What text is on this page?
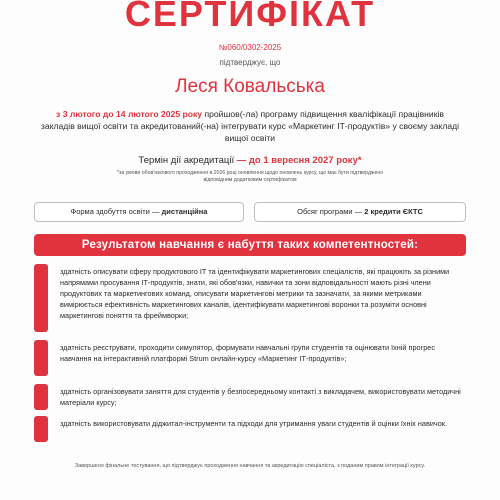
СЕРТИФІКАТ
№060/0302-2025
підтверджує, що
Леся Ковальська
з 3 лютого до 14 лютого 2025 року пройшов(-ла) програму підвищення кваліфікації працівників закладів вищої освіти та акредитований(-на) інтегрувати курс «Маркетинг ІТ-продуктів» у своєму закладі вищої освіти
Термін дії акредитації — до 1 вересня 2027 року*
*за умови обов'язкового проходження в 2026 році оновлення щодо оновлень курсу, що має бути підтверджено відповідним додатковим сертифікатом
Форма здобуття освіти — дистанційна	Обсяг програми — 2 кредити ЄКТС
Результатом навчання є набуття таких компетентностей:
здатність описувати сферу продуктового ІТ та ідентифікувати маркетингових спеціалістів, які працюють за різними напрямами просування ІТ-продуктів, знати, які обов'язки, навички та зони відповідальності мають різні члени продуктових та маркетингових команд, описувати маркетингові метрики та зазначати, за якими метриками вимірюється ефективність маркетингових каналів, ідентифікувати маркетингові воронки та розуміти основні маркетингові поняття та фреймворки;
здатність реєструвати, проходити симулятор, формувати навчальні групи студентів та оцінювати їхній прогрес навчання на інтерактивній платформі Strum онлайн-курсу «Маркетинг ІТ-продуктів»;
здатність організовувати заняття для студентів у безпосередньому контакті з викладачем, використовувати методичні матеріали курсу;
здатність використовувати діджитал-інструменти та підходи для утримання уваги студентів й оцінки їхніх навичок.
Завершено фінальне тестування, що підтверджує проходження навчання та акредитацію спеціаліста, з поданим правом інтеграції курсу.
